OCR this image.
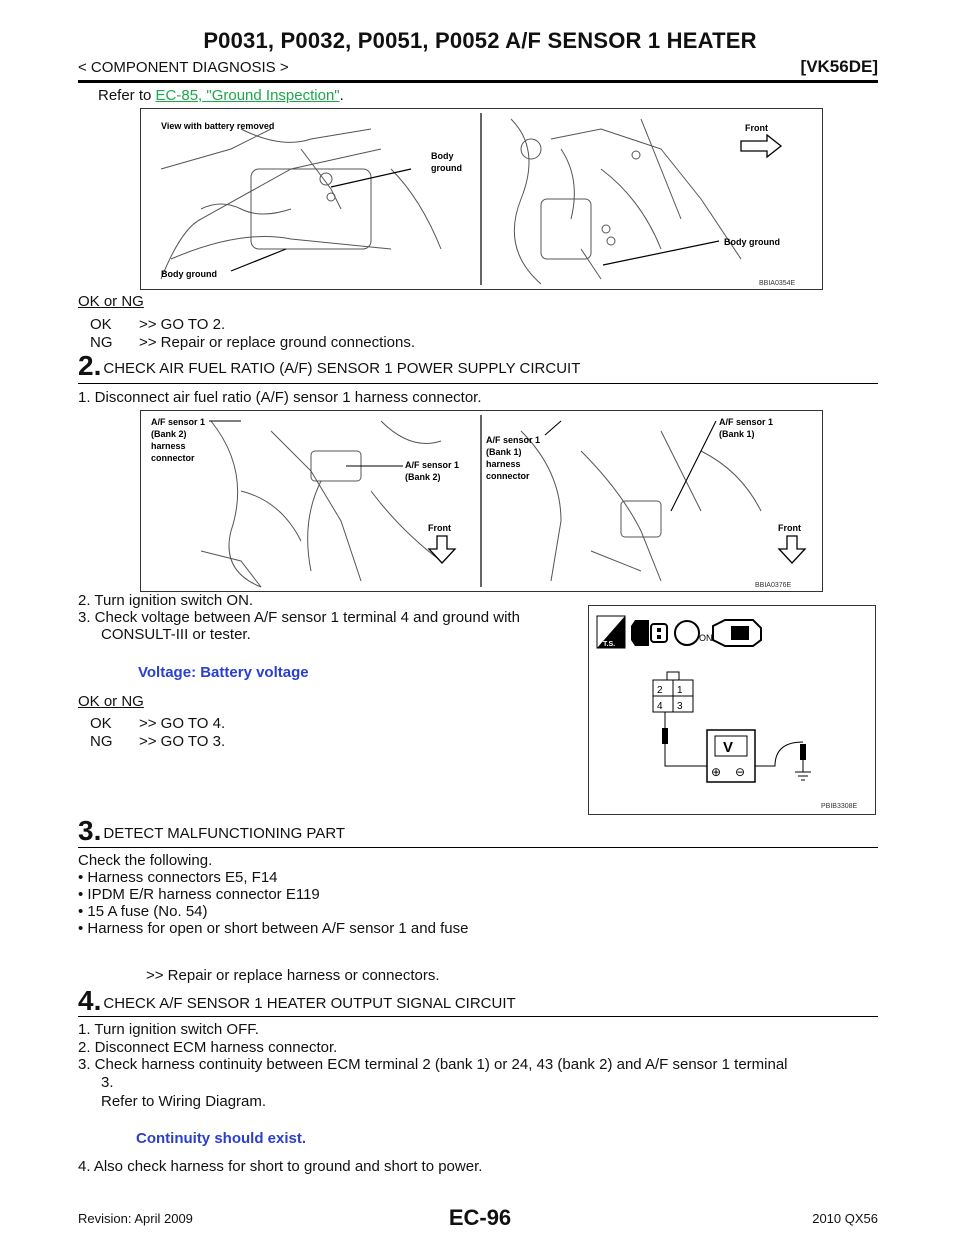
P0031, P0032, P0051, P0052 A/F SENSOR 1 HEATER
< COMPONENT DIAGNOSIS >	[VK56DE]
Refer to EC-85, "Ground Inspection".
View with battery removed
Body
ground
Body ground
Front
Body ground
BBIA0354E
OK or NG
OK >> GO TO 2.
NG >> Repair or replace ground connections.
2. CHECK AIR FUEL RATIO (A/F) SENSOR 1 POWER SUPPLY CIRCUIT
1. Disconnect air fuel ratio (A/F) sensor 1 harness connector.
A/F sensor 1
(Bank 2)
harness
connector
A/F sensor 1
(Bank 2)
Front
A/F sensor 1
(Bank 1)
harness
connector
A/F sensor 1
(Bank 1)
Front
BBIA0376E
2. Turn ignition switch ON.
3. Check voltage between A/F sensor 1 terminal 4 and ground with
CONSULT-III or tester.
Voltage: Battery voltage
OK or NG
OK >> GO TO 4.
NG >> GO TO 3.
T.S.
ON
2 1
4 3
V
⊕ ⊖
PBIB3308E
3. DETECT MALFUNCTIONING PART
Check the following.
• Harness connectors E5, F14
• IPDM E/R harness connector E119
• 15 A fuse (No. 54)
• Harness for open or short between A/F sensor 1 and fuse
>> Repair or replace harness or connectors.
4. CHECK A/F SENSOR 1 HEATER OUTPUT SIGNAL CIRCUIT
1. Turn ignition switch OFF.
2. Disconnect ECM harness connector.
3. Check harness continuity between ECM terminal 2 (bank 1) or 24, 43 (bank 2) and A/F sensor 1 terminal
3.
Refer to Wiring Diagram.
Continuity should exist.
4. Also check harness for short to ground and short to power.
Revision: April 2009	EC-96	2010 QX56
